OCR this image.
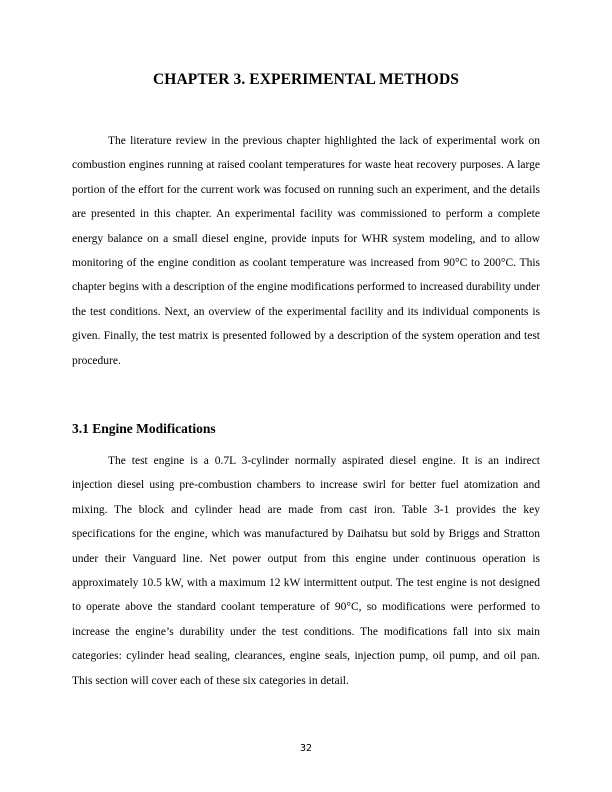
CHAPTER 3. EXPERIMENTAL METHODS

The literature review in the previous chapter highlighted the lack of experimental work on combustion engines running at raised coolant temperatures for waste heat recovery purposes. A large portion of the effort for the current work was focused on running such an experiment, and the details are presented in this chapter. An experimental facility was commissioned to perform a complete energy balance on a small diesel engine, provide inputs for WHR system modeling, and to allow monitoring of the engine condition as coolant temperature was increased from 90°C to 200°C. This chapter begins with a description of the engine modifications performed to increased durability under the test conditions. Next, an overview of the experimental facility and its individual components is given. Finally, the test matrix is presented followed by a description of the system operation and test procedure.

3.1 Engine Modifications

The test engine is a 0.7L 3-cylinder normally aspirated diesel engine. It is an indirect injection diesel using pre-combustion chambers to increase swirl for better fuel atomization and mixing. The block and cylinder head are made from cast iron. Table 3-1 provides the key specifications for the engine, which was manufactured by Daihatsu but sold by Briggs and Stratton under their Vanguard line. Net power output from this engine under continuous operation is approximately 10.5 kW, with a maximum 12 kW intermittent output. The test engine is not designed to operate above the standard coolant temperature of 90°C, so modifications were performed to increase the engine’s durability under the test conditions. The modifications fall into six main categories: cylinder head sealing, clearances, engine seals, injection pump, oil pump, and oil pan. This section will cover each of these six categories in detail.

32
